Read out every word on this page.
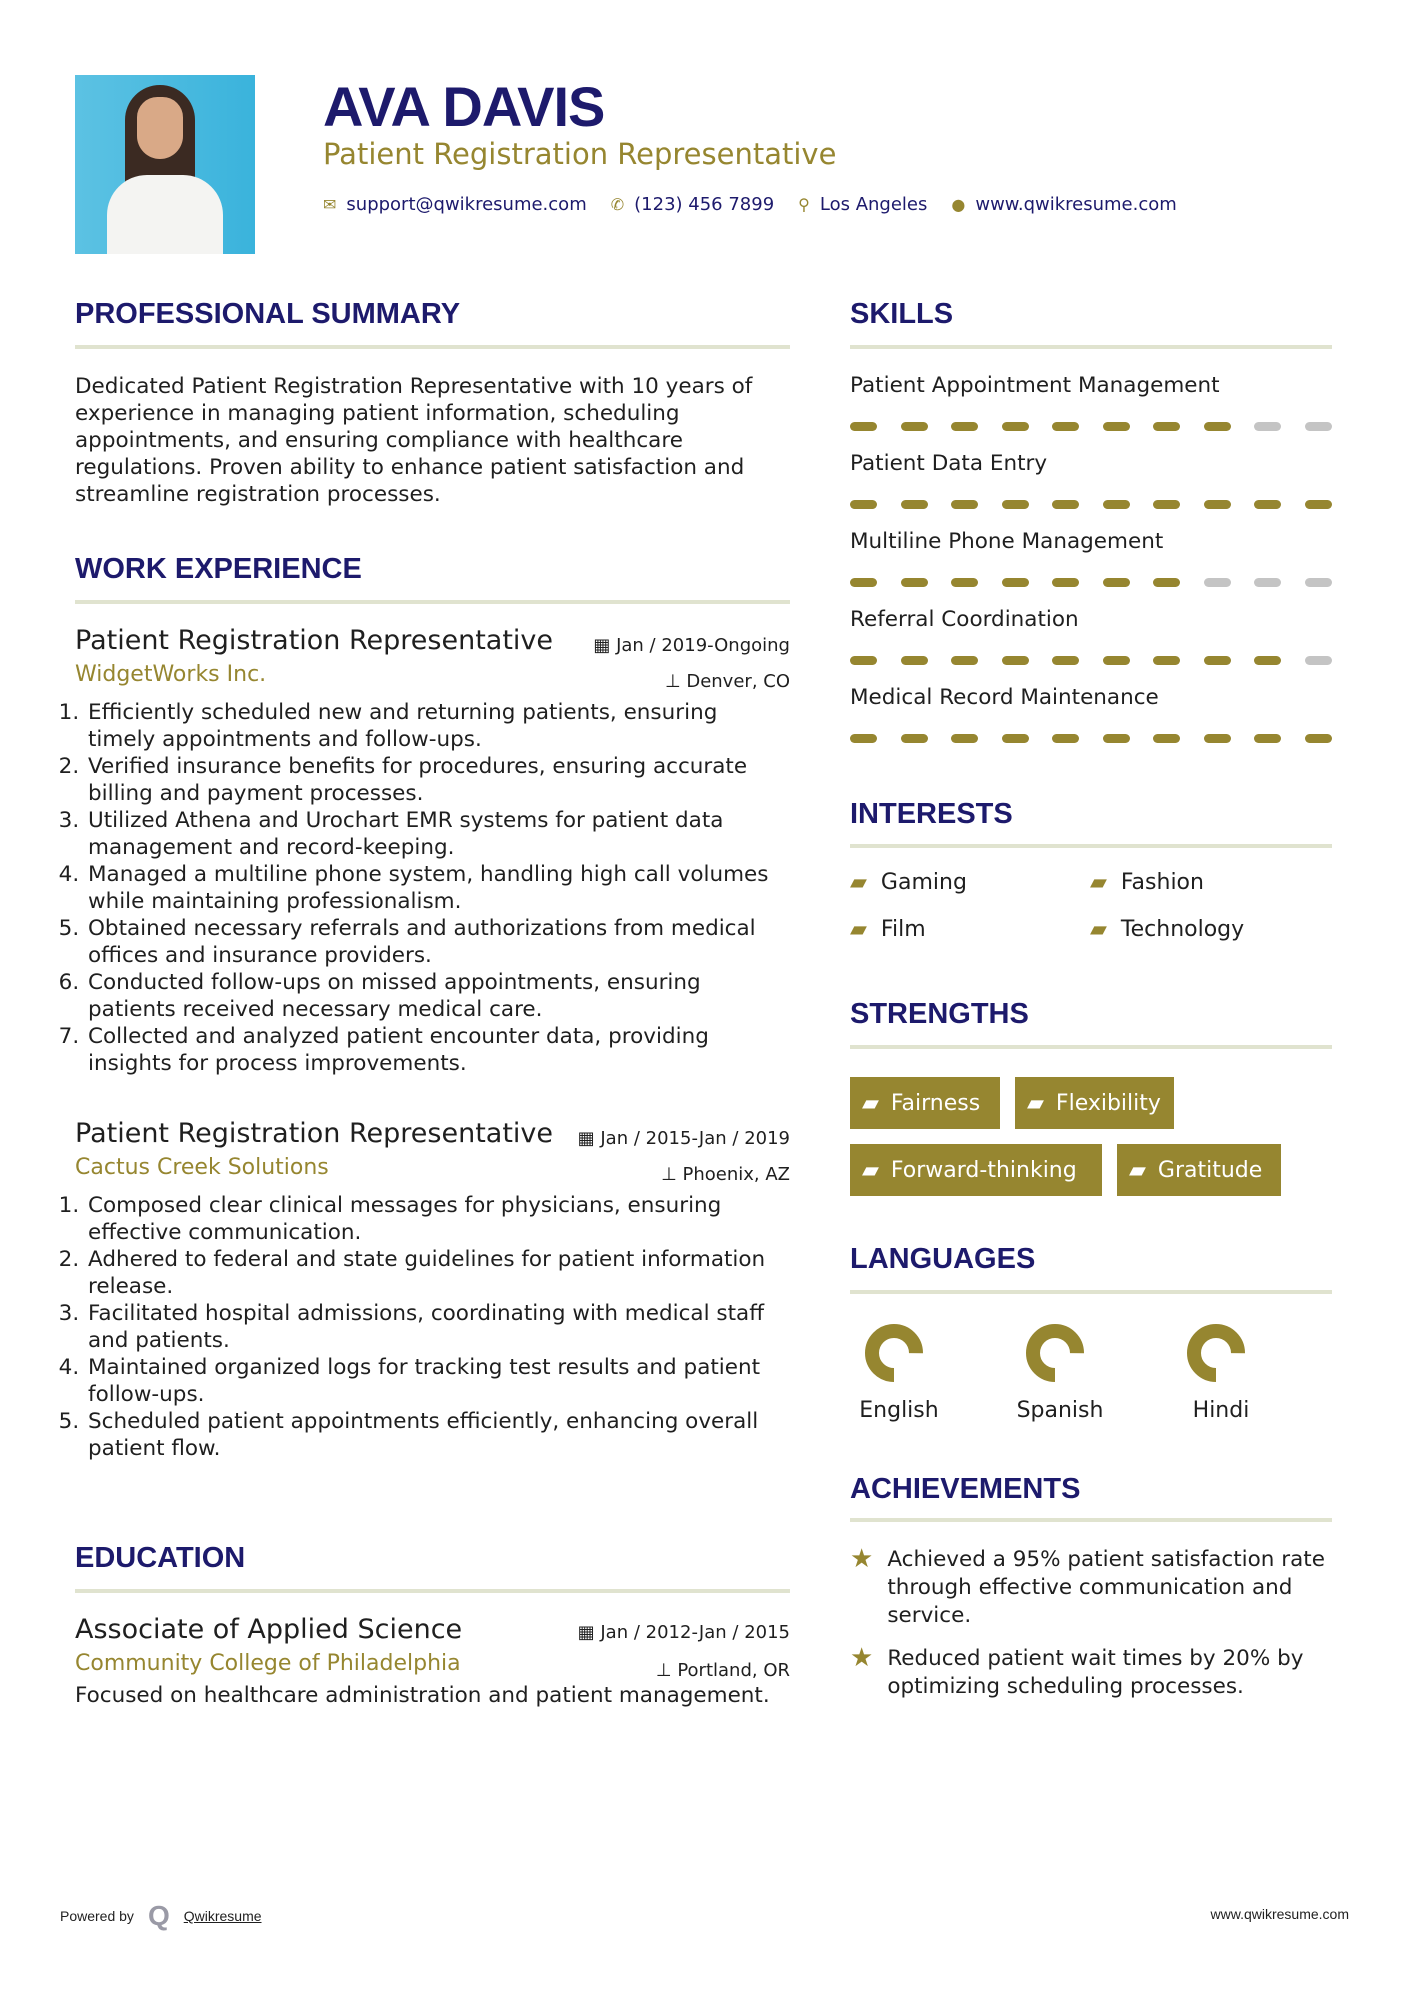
AVA DAVIS
Patient Registration Representative
✉ support@qwikresume.com ✆ (123) 456 7899 ⚲ Los Angeles ● www.qwikresume.com
PROFESSIONAL SUMMARY
Dedicated Patient Registration Representative with 10 years of experience in managing patient information, scheduling appointments, and ensuring compliance with healthcare regulations. Proven ability to enhance patient satisfaction and streamline registration processes.
WORK EXPERIENCE
Patient Registration Representative	▦ Jan / 2019-Ongoing
WidgetWorks Inc.	⊥ Denver, CO
1. Efficiently scheduled new and returning patients, ensuring timely appointments and follow-ups.
2. Verified insurance benefits for procedures, ensuring accurate billing and payment processes.
3. Utilized Athena and Urochart EMR systems for patient data management and record-keeping.
4. Managed a multiline phone system, handling high call volumes while maintaining professionalism.
5. Obtained necessary referrals and authorizations from medical offices and insurance providers.
6. Conducted follow-ups on missed appointments, ensuring patients received necessary medical care.
7. Collected and analyzed patient encounter data, providing insights for process improvements.
Patient Registration Representative	▦ Jan / 2015-Jan / 2019
Cactus Creek Solutions	⊥ Phoenix, AZ
1. Composed clear clinical messages for physicians, ensuring effective communication.
2. Adhered to federal and state guidelines for patient information release.
3. Facilitated hospital admissions, coordinating with medical staff and patients.
4. Maintained organized logs for tracking test results and patient follow-ups.
5. Scheduled patient appointments efficiently, enhancing overall patient flow.
EDUCATION
Associate of Applied Science	▦ Jan / 2012-Jan / 2015
Community College of Philadelphia	⊥ Portland, OR
Focused on healthcare administration and patient management.
SKILLS
Patient Appointment Management
Patient Data Entry
Multiline Phone Management
Referral Coordination
Medical Record Maintenance
INTERESTS
▰ Gaming	▰ Fashion
▰ Film	▰ Technology
STRENGTHS
▰ Fairness ▰ Flexibility
▰ Forward-thinking ▰ Gratitude
LANGUAGES
English	Spanish	Hindi
ACHIEVEMENTS
★ Achieved a 95% patient satisfaction rate through effective communication and service.
★ Reduced patient wait times by 20% by optimizing scheduling processes.
Powered by Q Qwikresume	www.qwikresume.com
